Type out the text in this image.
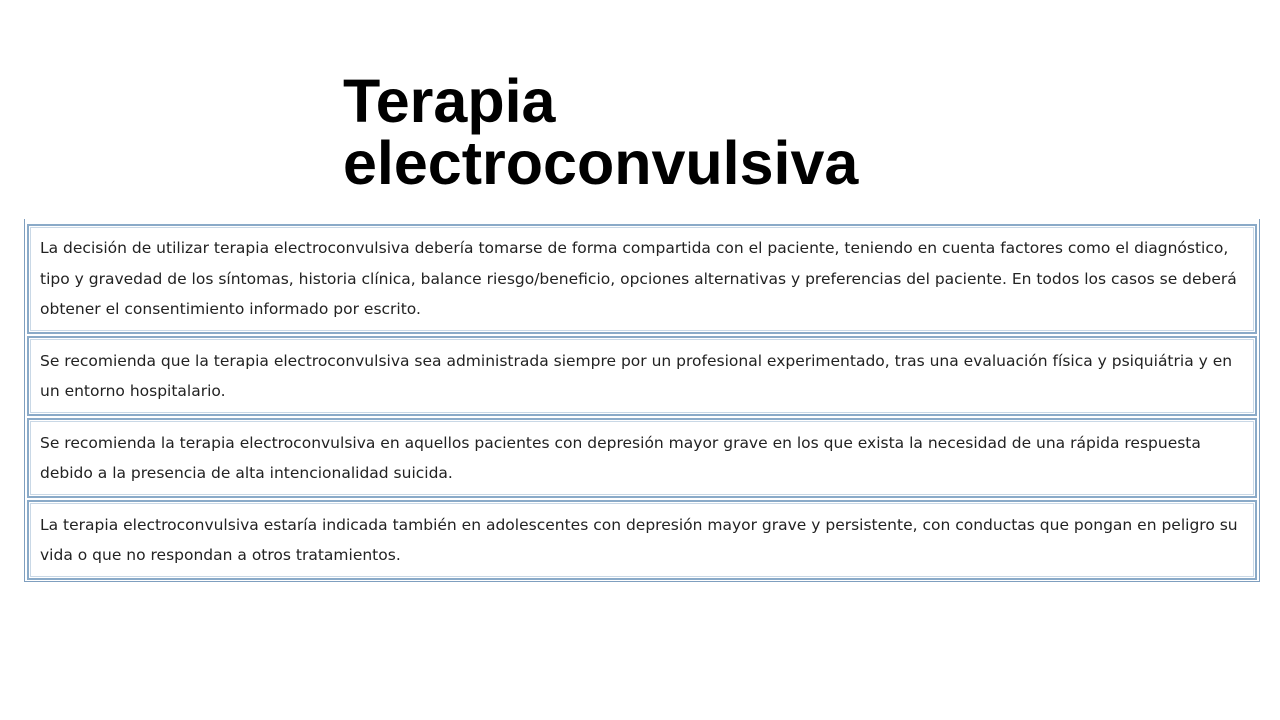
Terapia electroconvulsiva
La decisión de utilizar terapia electroconvulsiva debería tomarse de forma compartida con el paciente, teniendo en cuenta factores como el diagnóstico, tipo y gravedad de los síntomas, historia clínica, balance riesgo/beneficio, opciones alternativas y preferencias del paciente. En todos los casos se deberá obtener el consentimiento informado por escrito.
Se recomienda que la terapia electroconvulsiva sea administrada siempre por un profesional experimentado, tras una evaluación física y psiquiátria y en un entorno hospitalario.
Se recomienda la terapia electroconvulsiva en aquellos pacientes con depresión mayor grave en los que exista la necesidad de una rápida respuesta debido a la presencia de alta intencionalidad suicida.
La terapia electroconvulsiva estaría indicada también en adolescentes con depresión mayor grave y persistente, con conductas que pongan en peligro su vida o que no respondan a otros tratamientos.
